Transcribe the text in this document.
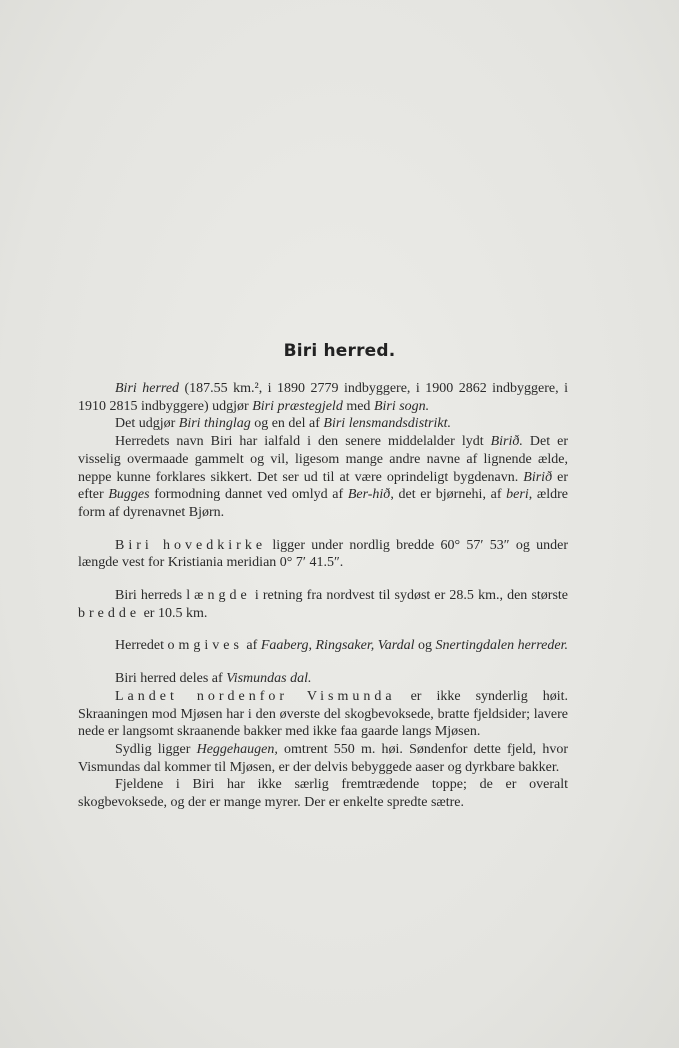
Biri herred.

Biri herred (187.55 km.², i 1890 2779 indbyggere, i 1900 2862 indbyggere, i 1910 2815 indbyggere) udgjør Biri præstegjeld med Biri sogn.

Det udgjør Biri thinglag og en del af Biri lensmandsdistrikt.

Herredets navn Biri har ialfald i den senere middelalder lydt Birið. Det er visselig overmaade gammelt og vil, ligesom mange andre navne af lignende ælde, neppe kunne forklares sikkert. Det ser ud til at være oprindeligt bygdenavn. Birið er efter Bugges formodning dannet ved omlyd af Ber-hið, det er bjørnehi, af beri, ældre form af dyrenavnet Bjørn.

Biri hovedkirke ligger under nordlig bredde 60° 57′ 53″ og under længde vest for Kristiania meridian 0° 7′ 41.5″.

Biri herreds længde i retning fra nordvest til sydøst er 28.5 km., den største bredde er 10.5 km.

Herredet omgives af Faaberg, Ringsaker, Vardal og Snertingdalen herreder.

Biri herred deles af Vismundas dal.

Landet nordenfor Vismunda er ikke synderlig høit. Skraaningen mod Mjøsen har i den øverste del skogbevoksede, bratte fjeldsider; lavere nede er langsomt skraanende bakker med ikke faa gaarde langs Mjøsen.

Sydlig ligger Heggehaugen, omtrent 550 m. høi. Søndenfor dette fjeld, hvor Vismundas dal kommer til Mjøsen, er der delvis bebyggede aaser og dyrkbare bakker.

Fjeldene i Biri har ikke særlig fremtrædende toppe; de er overalt skogbevoksede, og der er mange myrer. Der er enkelte spredte sætre.
